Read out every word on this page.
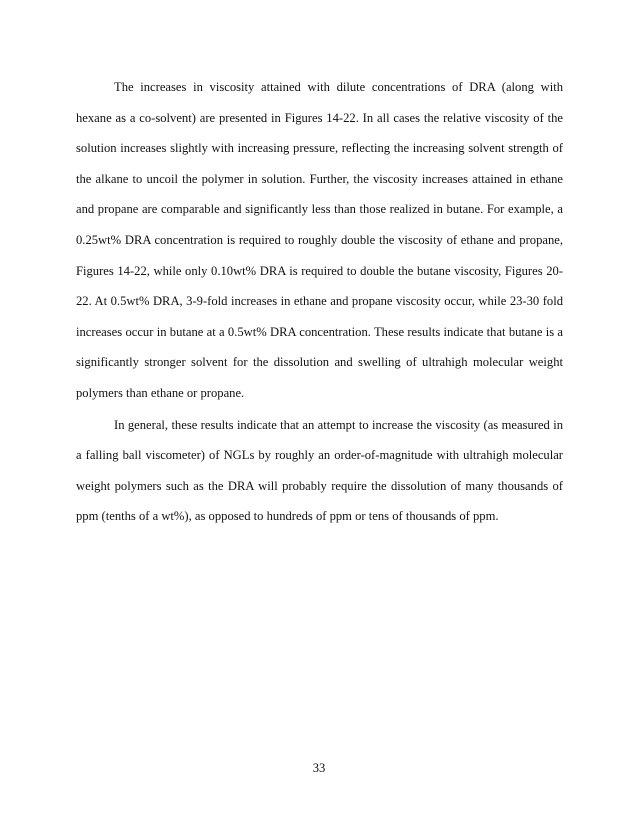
The increases in viscosity attained with dilute concentrations of DRA (along with hexane as a co-solvent) are presented in Figures 14-22. In all cases the relative viscosity of the solution increases slightly with increasing pressure, reflecting the increasing solvent strength of the alkane to uncoil the polymer in solution. Further, the viscosity increases attained in ethane and propane are comparable and significantly less than those realized in butane. For example, a 0.25wt% DRA concentration is required to roughly double the viscosity of ethane and propane, Figures 14-22, while only 0.10wt% DRA is required to double the butane viscosity, Figures 20-22. At 0.5wt% DRA, 3-9-fold increases in ethane and propane viscosity occur, while 23-30 fold increases occur in butane at a 0.5wt% DRA concentration. These results indicate that butane is a significantly stronger solvent for the dissolution and swelling of ultrahigh molecular weight polymers than ethane or propane.

In general, these results indicate that an attempt to increase the viscosity (as measured in a falling ball viscometer) of NGLs by roughly an order-of-magnitude with ultrahigh molecular weight polymers such as the DRA will probably require the dissolution of many thousands of ppm (tenths of a wt%), as opposed to hundreds of ppm or tens of thousands of ppm.

33
